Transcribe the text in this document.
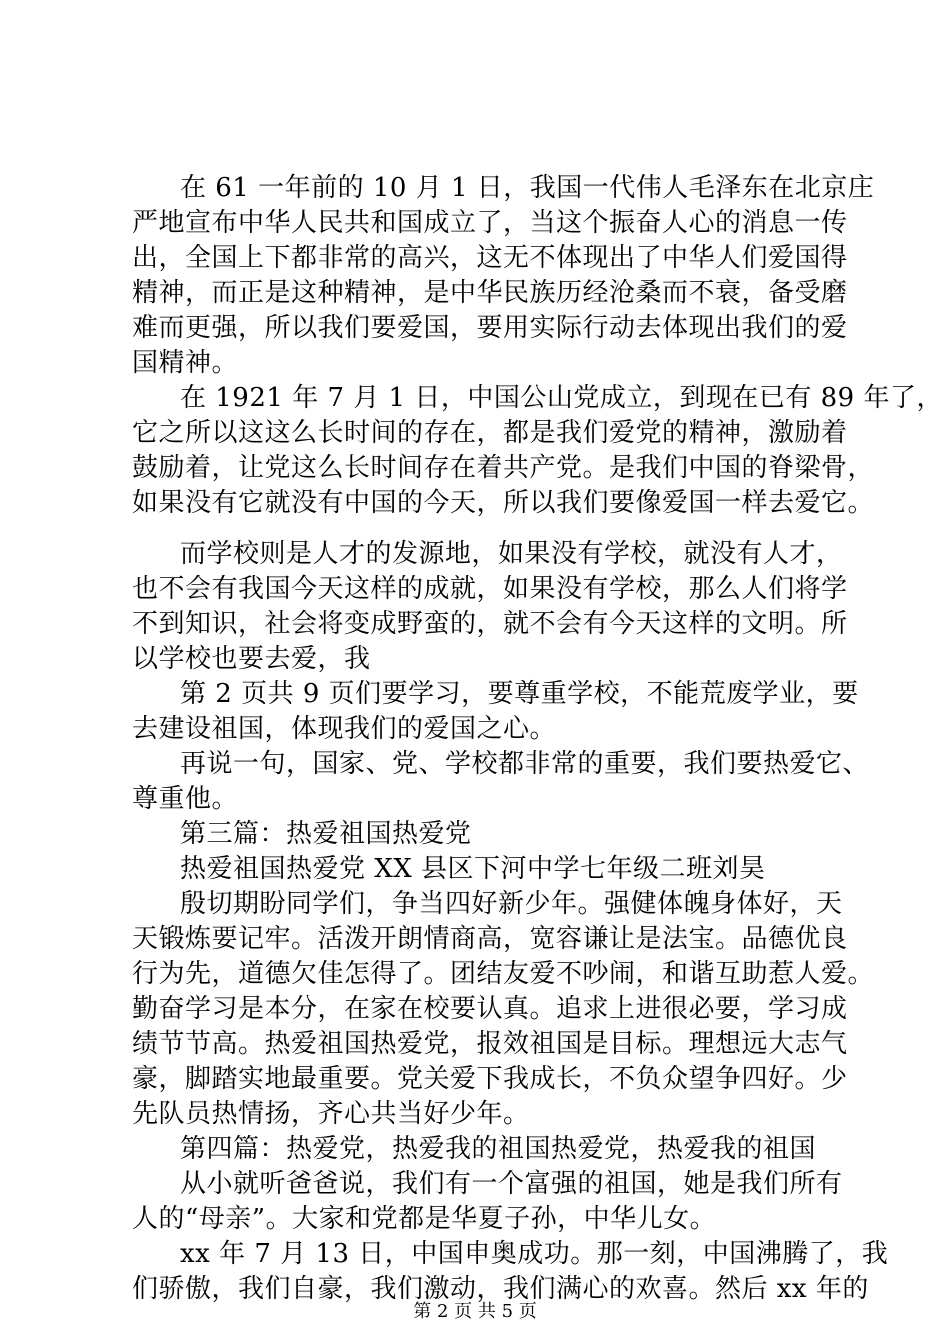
在 61 一年前的 10 月 1 日，我国一代伟人毛泽东在北京庄
严地宣布中华人民共和国成立了，当这个振奋人心的消息一传
出，全国上下都非常的高兴，这无不体现出了中华人们爱国得
精神，而正是这种精神，是中华民族历经沧桑而不衰，备受磨
难而更强，所以我们要爱国，要用实际行动去体现出我们的爱
国精神。
在 1921 年 7 月 1 日，中国公山党成立，到现在已有 89 年了，
它之所以这这么长时间的存在，都是我们爱党的精神，激励着
鼓励着，让党这么长时间存在着共产党。是我们中国的脊梁骨，
如果没有它就没有中国的今天，所以我们要像爱国一样去爱它。
而学校则是人才的发源地，如果没有学校，就没有人才，
也不会有我国今天这样的成就，如果没有学校，那么人们将学
不到知识，社会将变成野蛮的，就不会有今天这样的文明。所
以学校也要去爱，我
第 2 页共 9 页们要学习，要尊重学校，不能荒废学业，要
去建设祖国，体现我们的爱国之心。
再说一句，国家、党、学校都非常的重要，我们要热爱它、
尊重他。
第三篇：热爱祖国热爱党
热爱祖国热爱党 XX 县区下河中学七年级二班刘昊
殷切期盼同学们，争当四好新少年。强健体魄身体好，天
天锻炼要记牢。活泼开朗情商高，宽容谦让是法宝。品德优良
行为先，道德欠佳怎得了。团结友爱不吵闹，和谐互助惹人爱。
勤奋学习是本分，在家在校要认真。追求上进很必要，学习成
绩节节高。热爱祖国热爱党，报效祖国是目标。理想远大志气
豪，脚踏实地最重要。党关爱下我成长，不负众望争四好。少
先队员热情扬，齐心共当好少年。
第四篇：热爱党，热爱我的祖国热爱党，热爱我的祖国
从小就听爸爸说，我们有一个富强的祖国，她是我们所有
人的“母亲”。大家和党都是华夏子孙，中华儿女。
xx 年 7 月 13 日，中国申奥成功。那一刻，中国沸腾了，我
们骄傲，我们自豪，我们激动，我们满心的欢喜。然后 xx 年的
第 2 页 共 5 页
